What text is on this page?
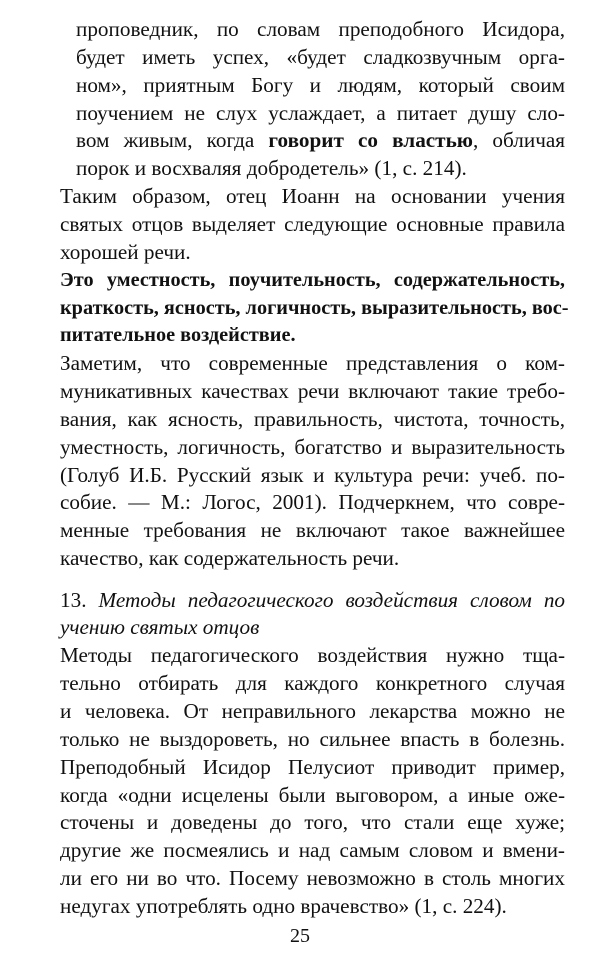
проповедник, по словам преподобного Исидора,
будет иметь успех, «будет сладкозвучным орга-
ном», приятным Богу и людям, который своим
поучением не слух услаждает, а питает душу сло-
вом живым, когда говорит со властью, обличая
порок и восхваляя добродетель» (1, с. 214).
Таким образом, отец Иоанн на основании учения
святых отцов выделяет следующие основные правила
хорошей речи.
Это уместность, поучительность, содержательность,
краткость, ясность, логичность, выразительность, вос-
питательное воздействие.
Заметим, что современные представления о ком-
муникативных качествах речи включают такие требо-
вания, как ясность, правильность, чистота, точность,
уместность, логичность, богатство и выразительность
(Голуб И.Б. Русский язык и культура речи: учеб. по-
собие. — М.: Логос, 2001). Подчеркнем, что совре-
менные требования не включают такое важнейшее
качество, как содержательность речи.
13. Методы педагогического воздействия словом по
учению святых отцов
Методы педагогического воздействия нужно тща-
тельно отбирать для каждого конкретного случая
и человека. От неправильного лекарства можно не
только не выздороветь, но сильнее впасть в болезнь.
Преподобный Исидор Пелусиот приводит пример,
когда «одни исцелены были выговором, а иные оже-
сточены и доведены до того, что стали еще хуже;
другие же посмеялись и над самым словом и вмени-
ли его ни во что. Посему невозможно в столь многих
недугах употреблять одно врачевство» (1, с. 224).
25
